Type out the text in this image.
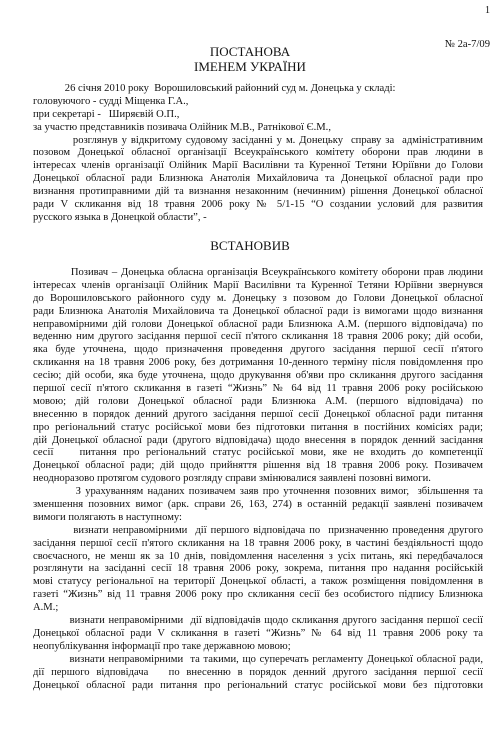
1
№ 2а-7/09
ПОСТАНОВА
ІМЕНЕМ УКРАЇНИ
26 січня 2010 року  Ворошиловський районний суд м. Донецька у складі:
головуючого - судді Міщенка Г.А.,
при секретарі -   Ширяєвій О.П.,
за участю представників позивача Олійник М.В., Ратнікової Є.М.,
розглянув у відкритому судовому засіданні у м. Донецьку  справу за  адміністративним
позовом Донецької обласної організації Всеукраїнського комітету оборони прав людини в
інтересах членів організації Олійник Марії Василівни та Куренної Тетяни Юріївни до Голови
Донецької обласної ради Близнюка Анатолія Михайловича та Донецької обласної ради про
визнання протиправними дій та визнання незаконним (нечинним) рішення Донецької обласної
ради V скликання від 18 травня 2006 року № 5/1-15 “О создании условий для развития
русского языка в Донецкой области”, -
ВСТАНОВИВ
Позивач – Донецька обласна організація Всеукраїнського комітету оборони прав людини
інтересах членів організації Олійник Марії Василівни та Куренної Тетяни Юріївни звернувся
до Ворошиловського районного суду м. Донецьку з позовом до Голови Донецької обласної
ради Близнюка Анатолія Михайловича та Донецької обласної ради із вимогами щодо визнання
неправомірними дій голови Донецької обласної ради Близнюка А.М. (першого відповідача) по
веденню ним другого засідання першої сесії п'ятого скликання 18 травня 2006 року; дій особи,
яка буде уточнена, щодо призначення проведення другого засідання першої сесії п'ятого
скликання на 18 травня 2006 року, без дотримання 10-денного терміну після повідомлення про
сесію; дій особи, яка буде уточнена, щодо друкування об'яви про скликання другого засідання
першої сесії п'ятого скликання в газеті “Жизнь” № 64 від 11 травня 2006 року російською
мовою; дій голови Донецької обласної ради Близнюка А.М. (першого відповідача) по
внесенню в порядок денний другого засідання першої сесії Донецької обласної ради питання
про регіональний статус російської мови без підготовки питання в постійних комісіях ради;
дій Донецької обласної ради (другого відповідача) щодо внесення в порядок денний засідання
сесії    питання про регіональний статус російської мови, яке не входить до компетенції
Донецької обласної ради; дій щодо прийняття рішення від 18 травня 2006 року. Позивачем
неодноразово протягом судового розгляду справи змінювалися заявлені позовні вимоги.
З урахуванням наданих позивачем заяв про уточнення позовних вимог,  збільшення та
зменшення позовних вимог (арк. справи 26, 163, 274) в останній редакції заявлені позивачем
вимоги полягають в наступному:
визнати неправомірними  дії першого відповідача по  призначенню проведення другого
засідання першої сесії п'ятого скликання на 18 травня 2006 року, в частині бездіяльності щодо
своєчасного, не менш як за 10 днів, повідомлення населення з усіх питань, які передбачалося
розглянути на засіданні сесії 18 травня 2006 року, зокрема, питання про надання російській
мові статусу регіональної на території Донецької області, а також розміщення повідомлення в
газеті “Жизнь” від 11 травня 2006 року про скликання сесії без особистого підпису Близнюка
А.М.;
визнати неправомірними  дії відповідачів щодо скликання другого засідання першої сесії
Донецької обласної ради V скликання в газеті “Жизнь” № 64 від 11 травня 2006 року та
неопублікування інформації про таке державною мовою;
визнати неправомірними  та такими, що суперечать регламенту Донецької обласної ради,
дії першого відповідача   по внесенню в порядок денний другого засідання першої сесії
Донецької обласної ради питання про регіональний статус російської мови без підготовки
